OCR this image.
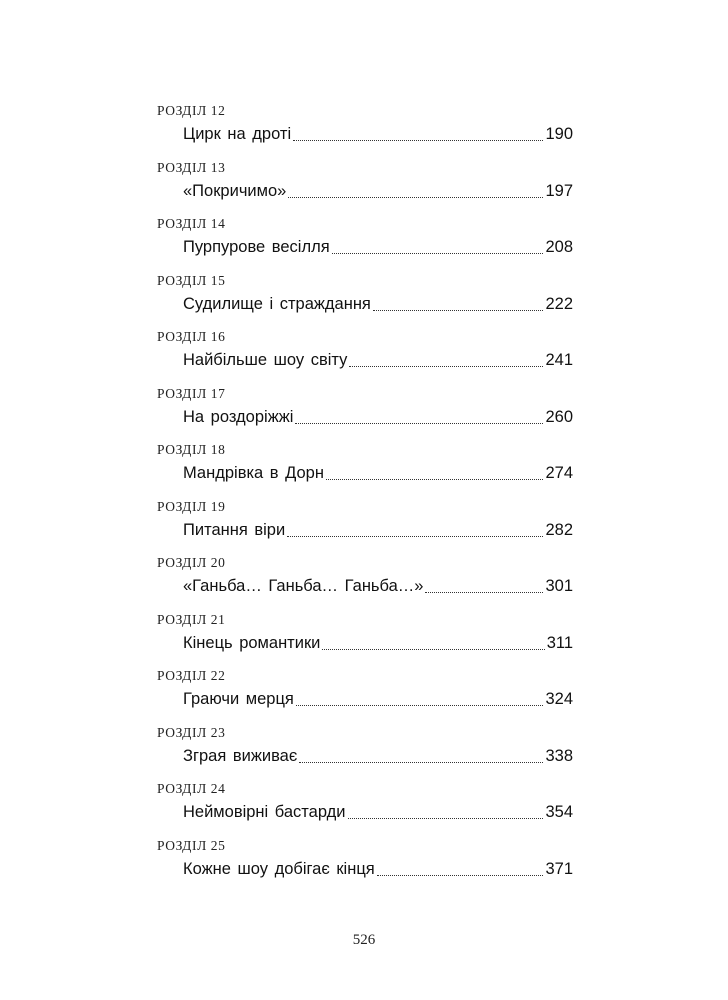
РОЗДІЛ 12
Цирк на дроті	190
РОЗДІЛ 13
«Покричимо»	197
РОЗДІЛ 14
Пурпурове весілля	208
РОЗДІЛ 15
Судилище і страждання	222
РОЗДІЛ 16
Найбільше шоу світу	241
РОЗДІЛ 17
На роздоріжжі	260
РОЗДІЛ 18
Мандрівка в Дорн	274
РОЗДІЛ 19
Питання віри	282
РОЗДІЛ 20
«Ганьба… Ганьба… Ганьба…»	301
РОЗДІЛ 21
Кінець романтики	311
РОЗДІЛ 22
Граючи мерця	324
РОЗДІЛ 23
Зграя виживає	338
РОЗДІЛ 24
Неймовірні бастарди	354
РОЗДІЛ 25
Кожне шоу добігає кінця	371
526
